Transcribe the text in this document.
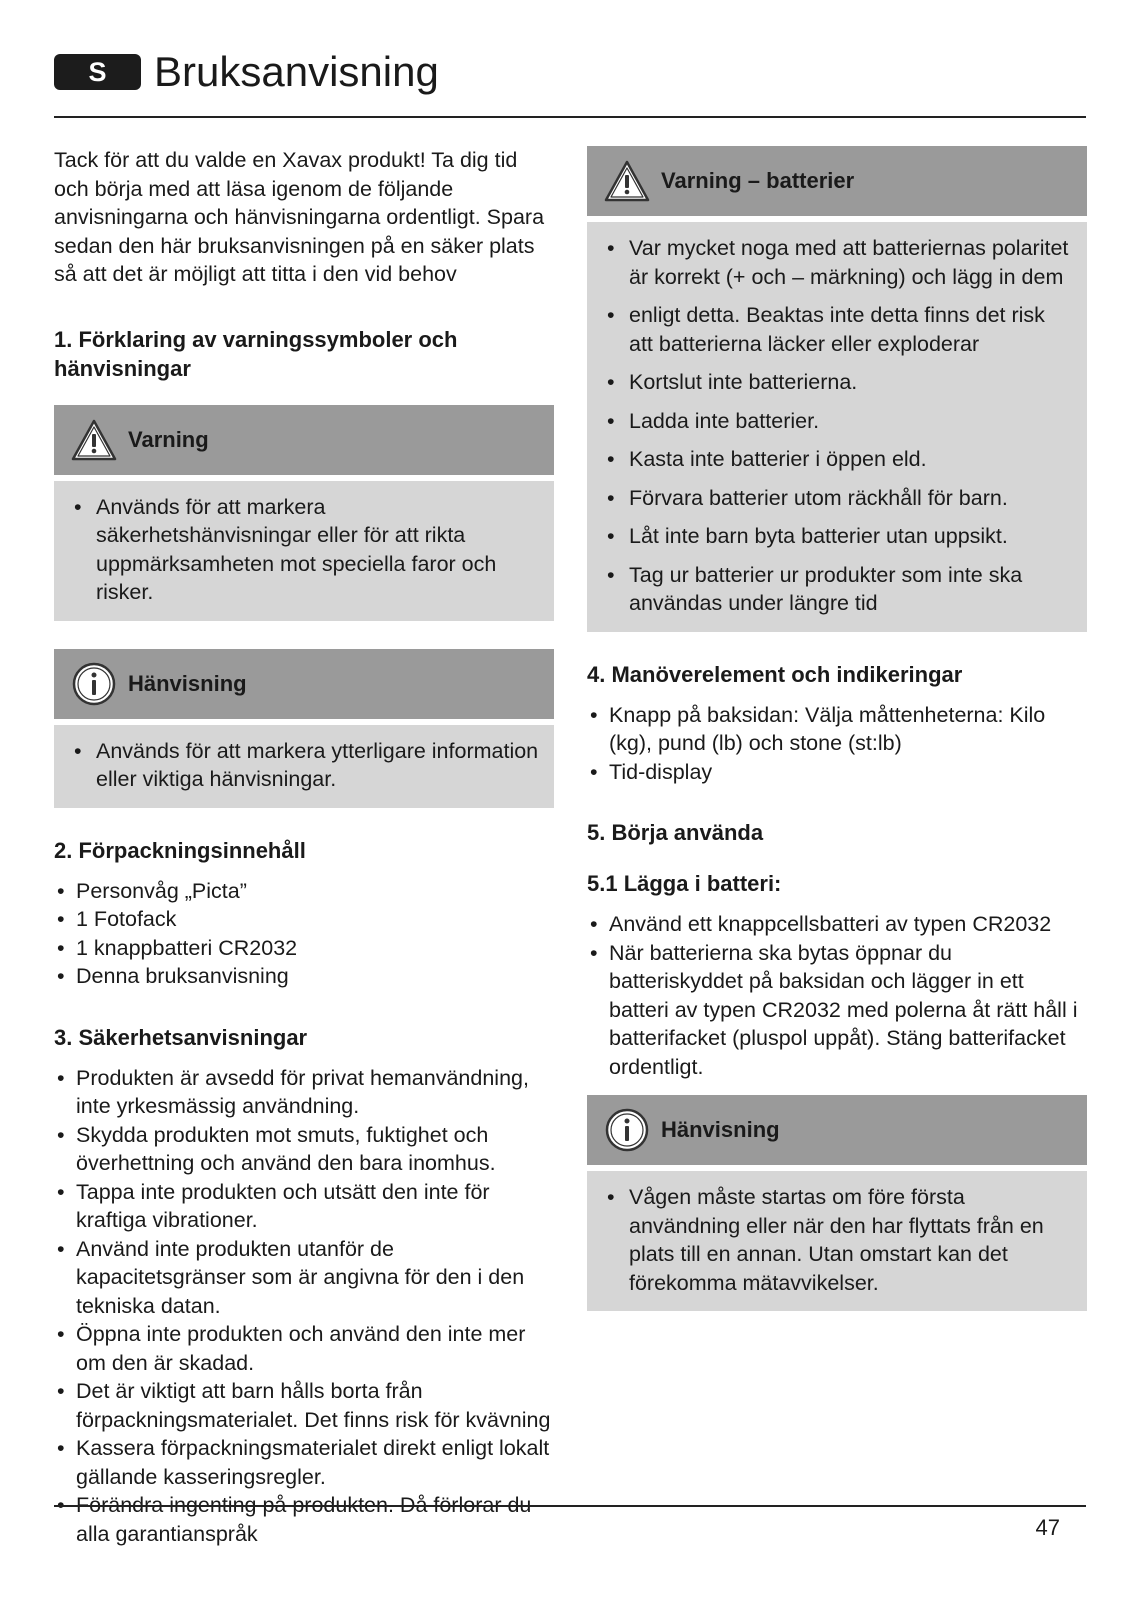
S	Bruksanvisning

Tack för att du valde en Xavax produkt! Ta dig tid och börja med att läsa igenom de följande anvisningarna och hänvisningarna ordentligt. Spara sedan den här bruksanvisningen på en säker plats så att det är möjligt att titta i den vid behov

1. Förklaring av varningssymboler och hänvisningar
Varning
• Används för att markera säkerhetshänvisningar eller för att rikta uppmärksamheten mot speciella faror och risker.
Hänvisning
• Används för att markera ytterligare information eller viktiga hänvisningar.
2. Förpackningsinnehåll
• Personvåg „Picta”
• 1 Fotofack
• 1 knappbatteri CR2032
• Denna bruksanvisning
3. Säkerhetsanvisningar
• Produkten är avsedd för privat hemanvändning, inte yrkesmässig användning.
• Skydda produkten mot smuts, fuktighet och överhettning och använd den bara inomhus.
• Tappa inte produkten och utsätt den inte för kraftiga vibrationer.
• Använd inte produkten utanför de kapacitetsgränser som är angivna för den i den tekniska datan.
• Öppna inte produkten och använd den inte mer om den är skadad.
• Det är viktigt att barn hålls borta från förpackningsmaterialet. Det finns risk för kvävning
• Kassera förpackningsmaterialet direkt enligt lokalt gällande kasseringsregler.
• Förändra ingenting på produkten. Då förlorar du alla garantianspråk
Varning – batterier
• Var mycket noga med att batteriernas polaritet är korrekt (+ och – märkning) och lägg in dem
• enligt detta. Beaktas inte detta finns det risk att batterierna läcker eller exploderar
• Kortslut inte batterierna.
• Ladda inte batterier.
• Kasta inte batterier i öppen eld.
• Förvara batterier utom räckhåll för barn.
• Låt inte barn byta batterier utan uppsikt.
• Tag ur batterier ur produkter som inte ska användas under längre tid
4. Manöverelement och indikeringar
• Knapp på baksidan: Välja måttenheterna: Kilo (kg), pund (lb) och stone (st:lb)
• Tid-display
5. Börja använda
5.1 Lägga i batteri:
• Använd ett knappcellsbatteri av typen CR2032
• När batterierna ska bytas öppnar du batteriskyddet på baksidan och lägger in ett batteri av typen CR2032 med polerna åt rätt håll i batterifacket (pluspol uppåt). Stäng batterifacket ordentligt.
Hänvisning
• Vågen måste startas om före första användning eller när den har flyttats från en plats till en annan. Utan omstart kan det förekomma mätavvikelser.
47
